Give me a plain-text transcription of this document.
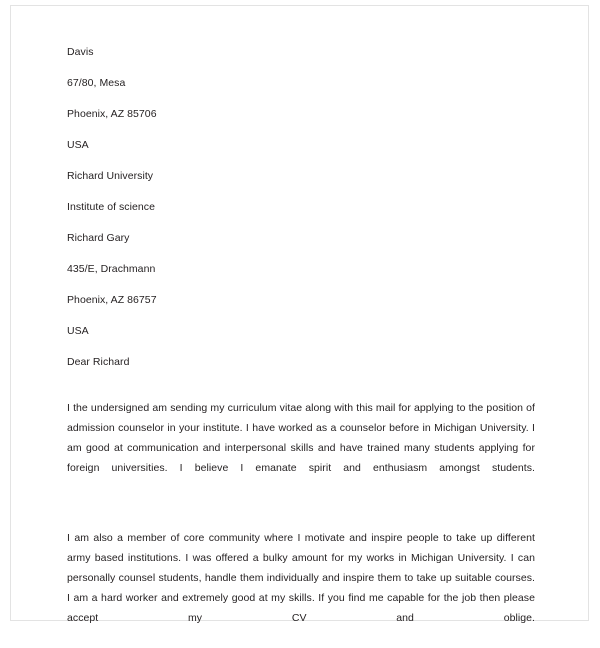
Davis

67/80, Mesa

Phoenix, AZ 85706

USA

Richard University

Institute of science

Richard Gary

435/E, Drachmann

Phoenix, AZ 86757

USA

Dear Richard

I the undersigned am sending my curriculum vitae along with this mail for applying to the position of admission counselor in your institute. I have worked as a counselor before in Michigan University. I am good at communication and interpersonal skills and have trained many students applying for foreign universities. I believe I emanate spirit and enthusiasm amongst students.

I am also a member of core community where I motivate and inspire people to take up different army based institutions. I was offered a bulky amount for my works in Michigan University. I can personally counsel students, handle them individually and inspire them to take up suitable courses. I am a hard worker and extremely good at my skills. If you find me capable for the job then please accept my CV and oblige.
